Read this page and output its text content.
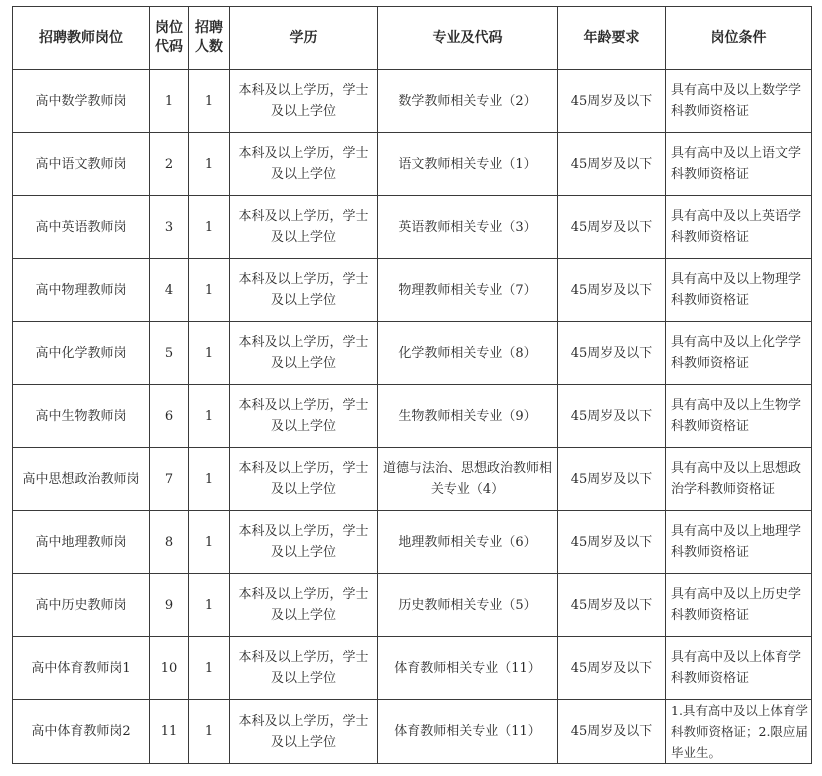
招聘教师岗位	岗位代码	招聘人数	学历	专业及代码	年龄要求	岗位条件
高中数学教师岗	1	1	本科及以上学历，学士及以上学位	数学教师相关专业（2）	45周岁及以下	具有高中及以上数学学科教师资格证
高中语文教师岗	2	1	本科及以上学历，学士及以上学位	语文教师相关专业（1）	45周岁及以下	具有高中及以上语文学科教师资格证
高中英语教师岗	3	1	本科及以上学历，学士及以上学位	英语教师相关专业（3）	45周岁及以下	具有高中及以上英语学科教师资格证
高中物理教师岗	4	1	本科及以上学历，学士及以上学位	物理教师相关专业（7）	45周岁及以下	具有高中及以上物理学科教师资格证
高中化学教师岗	5	1	本科及以上学历，学士及以上学位	化学教师相关专业（8）	45周岁及以下	具有高中及以上化学学科教师资格证
高中生物教师岗	6	1	本科及以上学历，学士及以上学位	生物教师相关专业（9）	45周岁及以下	具有高中及以上生物学科教师资格证
高中思想政治教师岗	7	1	本科及以上学历，学士及以上学位	道德与法治、思想政治教师相关专业（4）	45周岁及以下	具有高中及以上思想政治学科教师资格证
高中地理教师岗	8	1	本科及以上学历，学士及以上学位	地理教师相关专业（6）	45周岁及以下	具有高中及以上地理学科教师资格证
高中历史教师岗	9	1	本科及以上学历，学士及以上学位	历史教师相关专业（5）	45周岁及以下	具有高中及以上历史学科教师资格证
高中体育教师岗1	10	1	本科及以上学历，学士及以上学位	体育教师相关专业（11）	45周岁及以下	具有高中及以上体育学科教师资格证
高中体育教师岗2	11	1	本科及以上学历，学士及以上学位	体育教师相关专业（11）	45周岁及以下	1.具有高中及以上体育学科教师资格证；2.限应届毕业生。
